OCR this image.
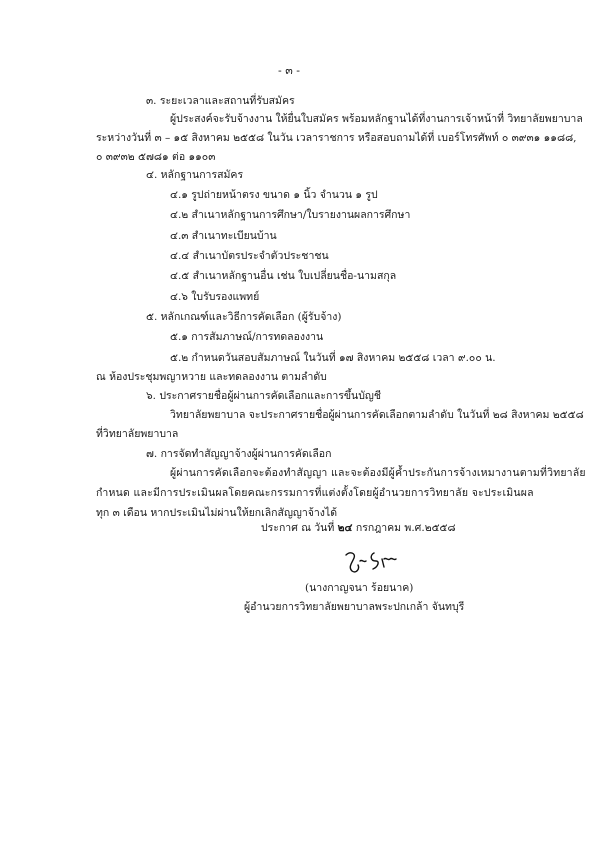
- ๓ -
๓. ระยะเวลาและสถานที่รับสมัคร
ผู้ประสงค์จะรับจ้างงาน ให้ยื่นใบสมัคร พร้อมหลักฐานได้ที่งานการเจ้าหน้าที่ วิทยาลัยพยาบาล
ระหว่างวันที่ ๓ – ๑๕ สิงหาคม ๒๕๕๘ ในวัน เวลาราชการ หรือสอบถามได้ที่ เบอร์โทรศัพท์ ๐ ๓๙๓๑ ๑๑๘๘,
๐ ๓๙๓๒ ๕๗๘๑ ต่อ ๑๑๐๓
๔. หลักฐานการสมัคร
๔.๑ รูปถ่ายหน้าตรง ขนาด ๑ นิ้ว จำนวน ๑ รูป
๔.๒ สำเนาหลักฐานการศึกษา/ใบรายงานผลการศึกษา
๔.๓ สำเนาทะเบียนบ้าน
๔.๔ สำเนาบัตรประจำตัวประชาชน
๔.๕ สำเนาหลักฐานอื่น เช่น ใบเปลี่ยนชื่อ-นามสกุล
๔.๖ ใบรับรองแพทย์
๕. หลักเกณฑ์และวิธีการคัดเลือก (ผู้รับจ้าง)
๕.๑ การสัมภาษณ์/การทดลองงาน
๕.๒ กำหนดวันสอบสัมภาษณ์ ในวันที่ ๑๗ สิงหาคม ๒๕๕๘ เวลา ๙.๐๐ น.
ณ ห้องประชุมพญาหวาย และทดลองงาน ตามลำดับ
๖. ประกาศรายชื่อผู้ผ่านการคัดเลือกและการขึ้นบัญชี
วิทยาลัยพยาบาล จะประกาศรายชื่อผู้ผ่านการคัดเลือกตามลำดับ ในวันที่ ๒๘ สิงหาคม ๒๕๕๘
ที่วิทยาลัยพยาบาล
๗. การจัดทำสัญญาจ้างผู้ผ่านการคัดเลือก
ผู้ผ่านการคัดเลือกจะต้องทำสัญญา และจะต้องมีผู้ค้ำประกันการจ้างเหมางานตามที่วิทยาลัย
กำหนด และมีการประเมินผลโดยคณะกรรมการที่แต่งตั้งโดยผู้อำนวยการวิทยาลัย จะประเมินผล
ทุก ๓ เดือน หากประเมินไม่ผ่านให้ยกเลิกสัญญาจ้างได้
ประกาศ ณ วันที่ ๒๔ กรกฎาคม พ.ศ.๒๕๕๘
(นางกาญจนา ร้อยนาค)
ผู้อำนวยการวิทยาลัยพยาบาลพระปกเกล้า จันทบุรี
